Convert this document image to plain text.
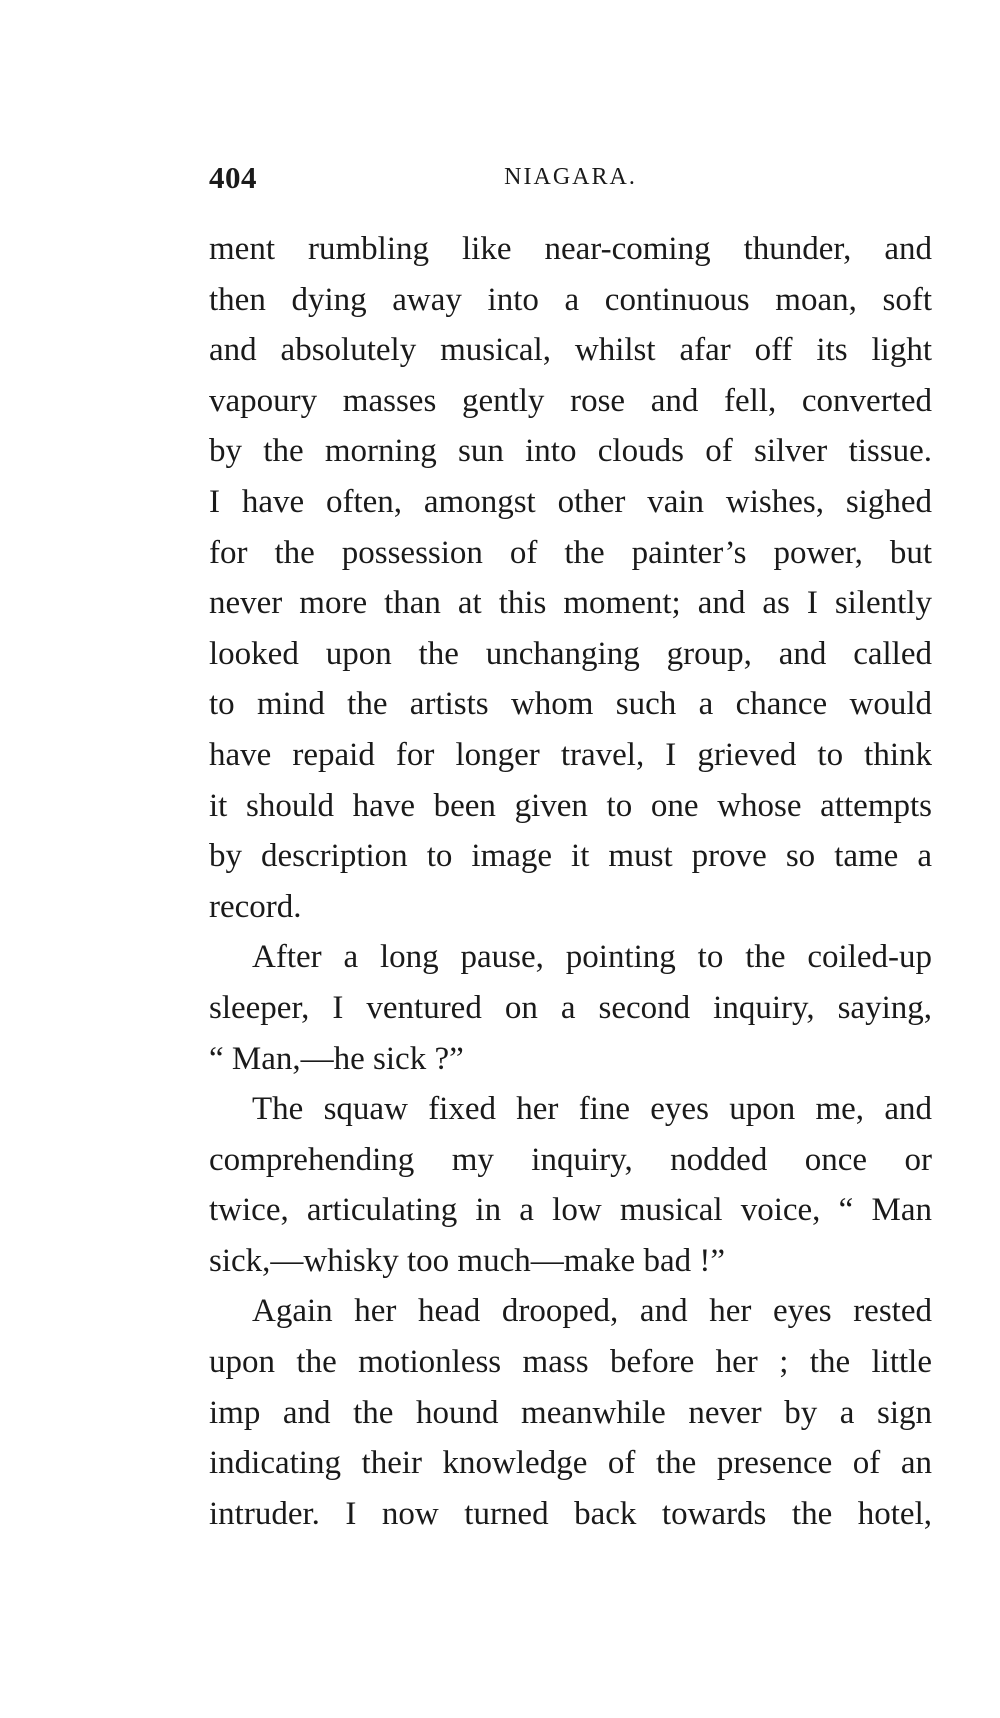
404	NIAGARA.
ment rumbling like near-coming thunder, and
then dying away into a continuous moan, soft
and absolutely musical, whilst afar off its light
vapoury masses gently rose and fell, converted
by the morning sun into clouds of silver tissue.
I have often, amongst other vain wishes, sighed
for the possession of the painter’s power, but
never more than at this moment; and as I silently
looked upon the unchanging group, and called
to mind the artists whom such a chance would
have repaid for longer travel, I grieved to think
it should have been given to one whose attempts
by description to image it must prove so tame a
record.
After a long pause, pointing to the coiled-up
sleeper, I ventured on a second inquiry, saying,
“ Man,—he sick ?”
The squaw fixed her fine eyes upon me, and
comprehending my inquiry, nodded once or
twice, articulating in a low musical voice, “ Man
sick,—whisky too much—make bad !”
Again her head drooped, and her eyes rested
upon the motionless mass before her ; the little
imp and the hound meanwhile never by a sign
indicating their knowledge of the presence of an
intruder. I now turned back towards the hotel,
